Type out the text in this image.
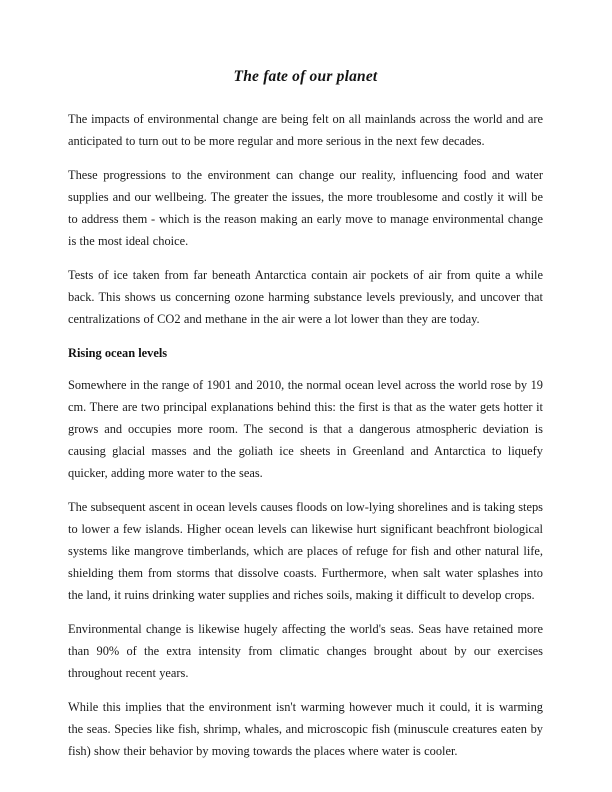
The fate of our planet

The impacts of environmental change are being felt on all mainlands across the world and are anticipated to turn out to be more regular and more serious in the next few decades.

These progressions to the environment can change our reality, influencing food and water supplies and our wellbeing. The greater the issues, the more troublesome and costly it will be to address them - which is the reason making an early move to manage environmental change is the most ideal choice.

Tests of ice taken from far beneath Antarctica contain air pockets of air from quite a while back. This shows us concerning ozone harming substance levels previously, and uncover that centralizations of CO2 and methane in the air were a lot lower than they are today.

Rising ocean levels

Somewhere in the range of 1901 and 2010, the normal ocean level across the world rose by 19 cm. There are two principal explanations behind this: the first is that as the water gets hotter it grows and occupies more room. The second is that a dangerous atmospheric deviation is causing glacial masses and the goliath ice sheets in Greenland and Antarctica to liquefy quicker, adding more water to the seas.

The subsequent ascent in ocean levels causes floods on low-lying shorelines and is taking steps to lower a few islands. Higher ocean levels can likewise hurt significant beachfront biological systems like mangrove timberlands, which are places of refuge for fish and other natural life, shielding them from storms that dissolve coasts. Furthermore, when salt water splashes into the land, it ruins drinking water supplies and riches soils, making it difficult to develop crops.

Environmental change is likewise hugely affecting the world's seas. Seas have retained more than 90% of the extra intensity from climatic changes brought about by our exercises throughout recent years.

While this implies that the environment isn't warming however much it could, it is warming the seas. Species like fish, shrimp, whales, and microscopic fish (minuscule creatures eaten by fish) show their behavior by moving towards the places where water is cooler.
